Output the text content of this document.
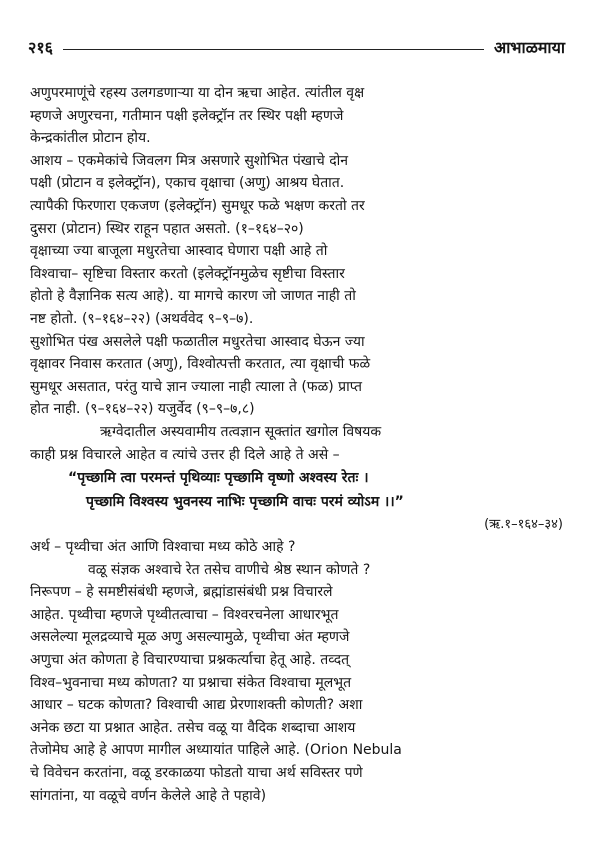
२१६	आभाळमाया
अणुपरमाणूंचे रहस्य उलगडणाऱ्या या दोन ऋचा आहेत. त्यांतील वृक्ष
म्हणजे अणुरचना, गतीमान पक्षी इलेक्ट्रॉन तर स्थिर पक्षी म्हणजे
केन्द्रकांतील प्रोटान होय.
आशय – एकमेकांचे जिवलग मित्र असणारे सुशोभित पंखाचे दोन
पक्षी (प्रोटान व इलेक्ट्रॉन), एकाच वृक्षाचा (अणु) आश्रय घेतात.
त्यापैकी फिरणारा एकजण (इलेक्ट्रॉन) सुमधूर फळे भक्षण करतो तर
दुसरा (प्रोटान) स्थिर राहून पहात असतो. (१–१६४–२०)
वृक्षाच्या ज्या बाजूला मधुरतेचा आस्वाद घेणारा पक्षी आहे तो
विश्वाचा– सृष्टिचा विस्तार करतो (इलेक्ट्रॉनमुळेच सृष्टीचा विस्तार
होतो हे वैज्ञानिक सत्य आहे). या मागचे कारण जो जाणत नाही तो
नष्ट होतो. (९–१६४–२२) (अथर्ववेद ९–९–७).
सुशोभित पंख असलेले पक्षी फळातील मधुरतेचा आस्वाद घेऊन ज्या
वृक्षावर निवास करतात (अणु), विश्वोत्पत्ती करतात, त्या वृक्षाची फळे
सुमधूर असतात, परंतु याचे ज्ञान ज्याला नाही त्याला ते (फळ) प्राप्त
होत नाही. (९–१६४–२२) यजुर्वेद (९–९–७,८)
ऋग्वेदातील अस्यवामीय तत्वज्ञान सूक्तांत खगोल विषयक
काही प्रश्न विचारले आहेत व त्यांचे उत्तर ही दिले आहे ते असे –
“पृच्छामि त्वा परमन्तं पृथिव्याः पृच्छामि वृष्णो अश्वस्य रेतः ।
पृच्छामि विश्वस्य भुवनस्य नाभिः पृच्छामि वाचः परमं व्योऽम ।।”
(ऋ.१–१६४–३४)
अर्थ – पृथ्वीचा अंत आणि विश्वाचा मध्य कोठे आहे ?
वळू संज्ञक अश्वाचे रेत तसेच वाणीचे श्रेष्ठ स्थान कोणते ?
निरूपण – हे समष्टीसंबंधी म्हणजे, ब्रह्मांडासंबंधी प्रश्न विचारले
आहेत. पृथ्वीचा म्हणजे पृथ्वीतत्वाचा – विश्वरचनेला आधारभूत
असलेल्या मूलद्रव्याचे मूळ अणु असल्यामुळे, पृथ्वीचा अंत म्हणजे
अणुचा अंत कोणता हे विचारण्याचा प्रश्नकर्त्याचा हेतू आहे. तव्दत्
विश्व–भुवनाचा मध्य कोणता? या प्रश्नाचा संकेत विश्वाचा मूलभूत
आधार – घटक कोणता? विश्वाची आद्य प्रेरणाशक्ती कोणती? अशा
अनेक छटा या प्रश्नात आहेत. तसेच वळू या वैदिक शब्दाचा आशय
तेजोमेघ आहे हे आपण मागील अध्यायांत पाहिले आहे. (Orion Nebula
चे विवेचन करतांना, वळू डरकाळया फोडतो याचा अर्थ सविस्तर पणे
सांगतांना, या वळूचे वर्णन केलेले आहे ते पहावे)
